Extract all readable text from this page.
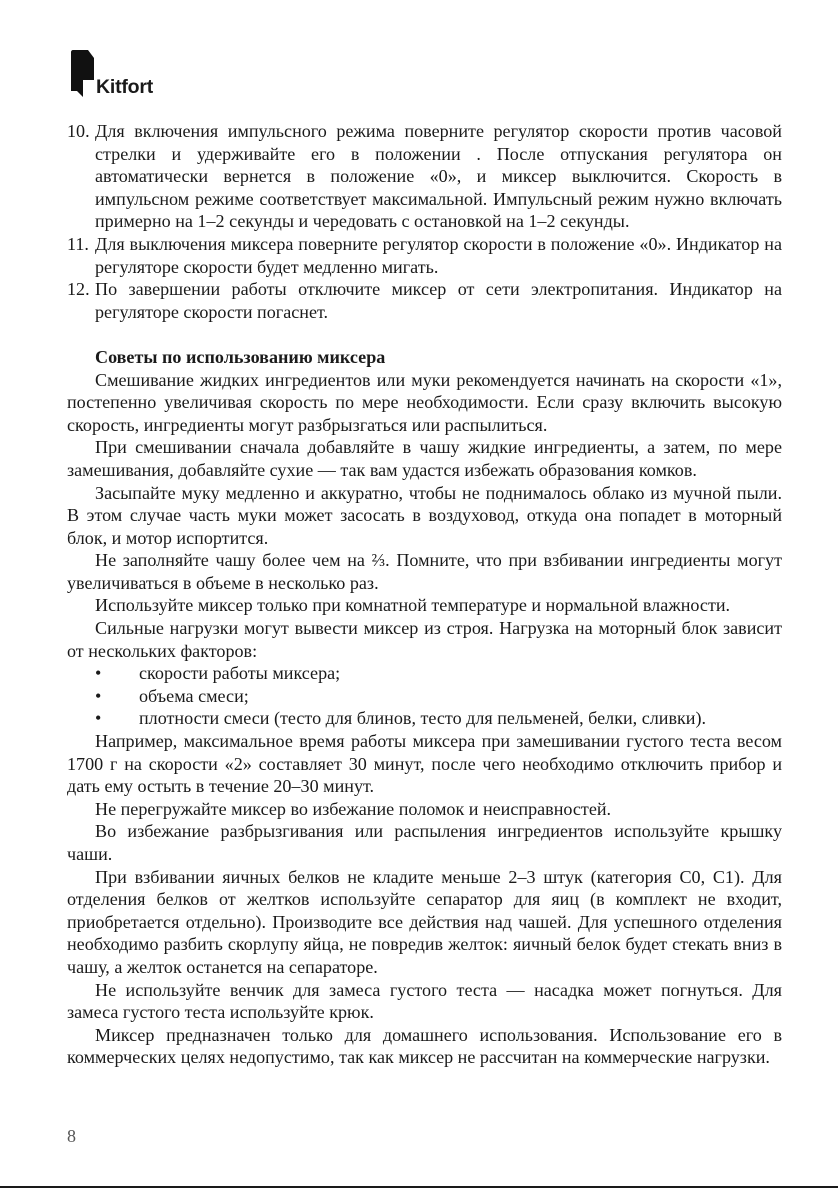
Kitfort

10. Для включения импульсного режима поверните регулятор скорости против часовой стрелки и удерживайте его в положении . После отпускания регулятора он автоматически вернется в положение «0», и миксер выключится. Скорость в импульсном режиме соответствует максимальной. Импульсный режим нужно включать примерно на 1–2 секунды и чередовать с остановкой на 1–2 секунды.

11. Для выключения миксера поверните регулятор скорости в положение «0». Индикатор на регуляторе скорости будет медленно мигать.

12. По завершении работы отключите миксер от сети электропитания. Индикатор на регуляторе скорости погаснет.

Советы по использованию миксера

Смешивание жидких ингредиентов или муки рекомендуется начинать на скорости «1», постепенно увеличивая скорость по мере необходимости. Если сразу включить высокую скорость, ингредиенты могут разбрызгаться или распылиться.

При смешивании сначала добавляйте в чашу жидкие ингредиенты, а затем, по мере замешивания, добавляйте сухие — так вам удастся избежать образования комков.

Засыпайте муку медленно и аккуратно, чтобы не поднималось облако из мучной пыли. В этом случае часть муки может засосать в воздуховод, откуда она попадет в моторный блок, и мотор испортится.

Не заполняйте чашу более чем на ⅔. Помните, что при взбивании ингредиенты могут увеличиваться в объеме в несколько раз.

Используйте миксер только при комнатной температуре и нормальной влажности.

Сильные нагрузки могут вывести миксер из строя. Нагрузка на моторный блок зависит от нескольких факторов:

• скорости работы миксера;

• объема смеси;

• плотности смеси (тесто для блинов, тесто для пельменей, белки, сливки).

Например, максимальное время работы миксера при замешивании густого теста весом 1700 г на скорости «2» составляет 30 минут, после чего необходимо отключить прибор и дать ему остыть в течение 20–30 минут.

Не перегружайте миксер во избежание поломок и неисправностей.

Во избежание разбрызгивания или распыления ингредиентов используйте крышку чаши.

При взбивании яичных белков не кладите меньше 2–3 штук (категория С0, С1). Для отделения белков от желтков используйте сепаратор для яиц (в комплект не входит, приобретается отдельно). Производите все действия над чашей. Для успешного отделения необходимо разбить скорлупу яйца, не повредив желток: яичный белок будет стекать вниз в чашу, а желток останется на сепараторе.

Не используйте венчик для замеса густого теста — насадка может погнуться. Для замеса густого теста используйте крюк.

Миксер предназначен только для домашнего использования. Использование его в коммерческих целях недопустимо, так как миксер не рассчитан на коммерческие нагрузки.

8
